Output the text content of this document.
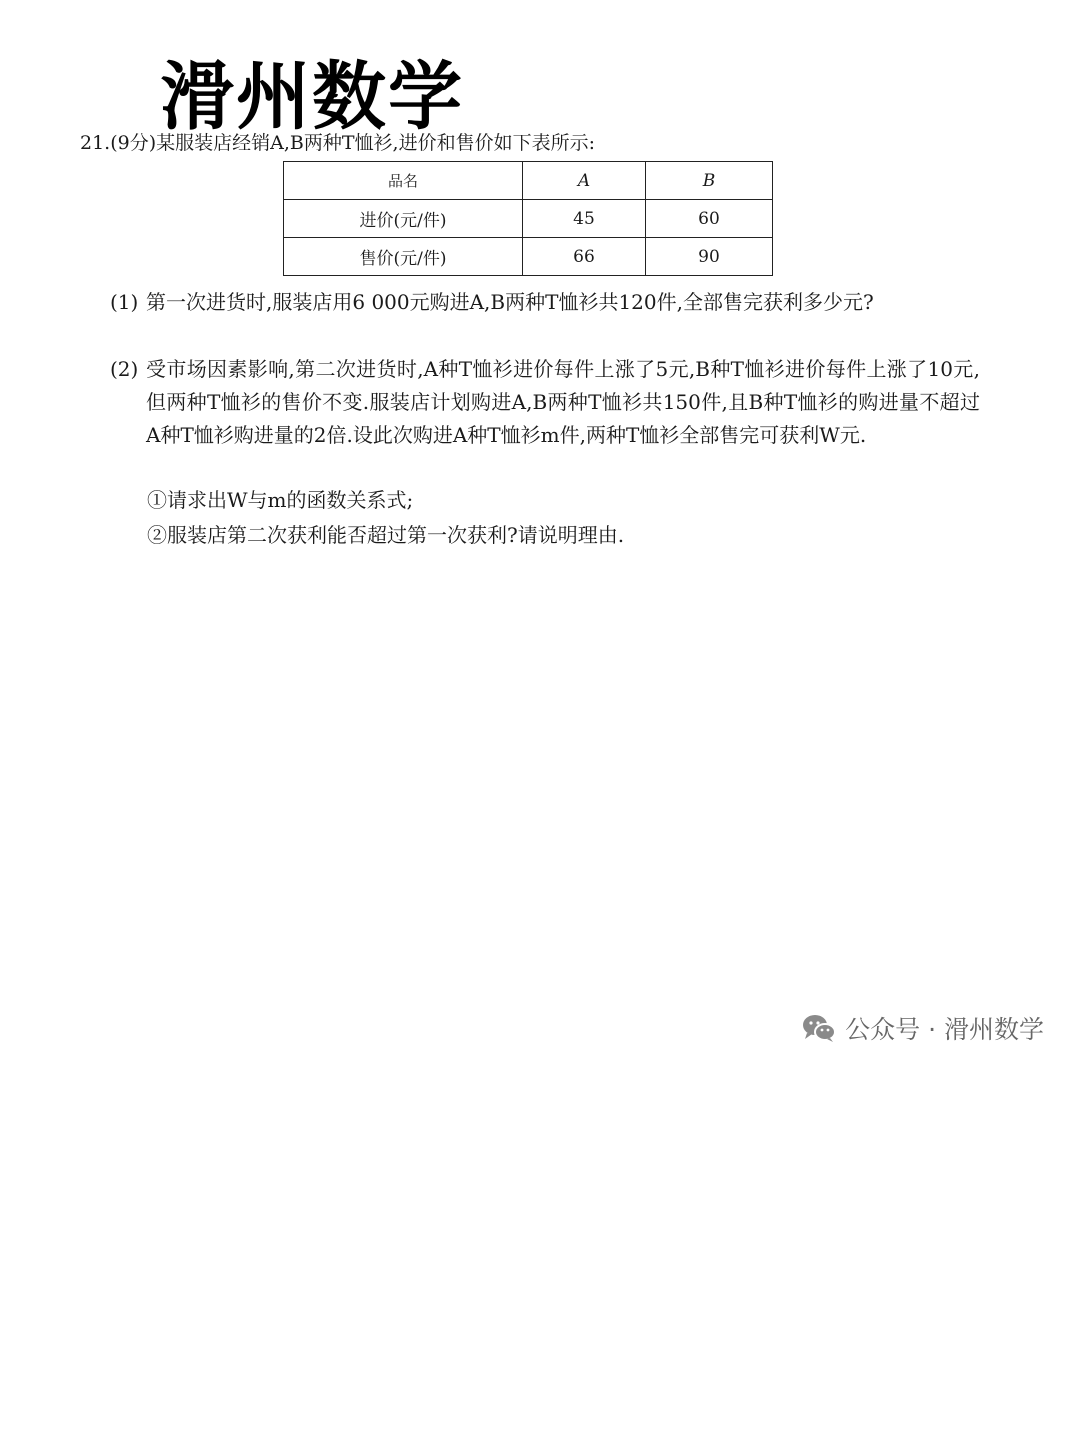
滑州数学
21.(9分)某服装店经销A,B两种T恤衫,进价和售价如下表所示:
品名	A	B
进价(元/件)	45	60
售价(元/件)	66	90
(1) 第一次进货时,服装店用6 000元购进A,B两种T恤衫共120件,全部售完获利多少元?
(2) 受市场因素影响,第二次进货时,A种T恤衫进价每件上涨了5元,B种T恤衫进价每件上涨了10元,但两种T恤衫的售价不变.服装店计划购进A,B两种T恤衫共150件,且B种T恤衫的购进量不超过A种T恤衫购进量的2倍.设此次购进A种T恤衫m件,两种T恤衫全部售完可获利W元.
①请求出W与m的函数关系式;
②服装店第二次获利能否超过第一次获利?请说明理由.
公众号 · 滑州数学
